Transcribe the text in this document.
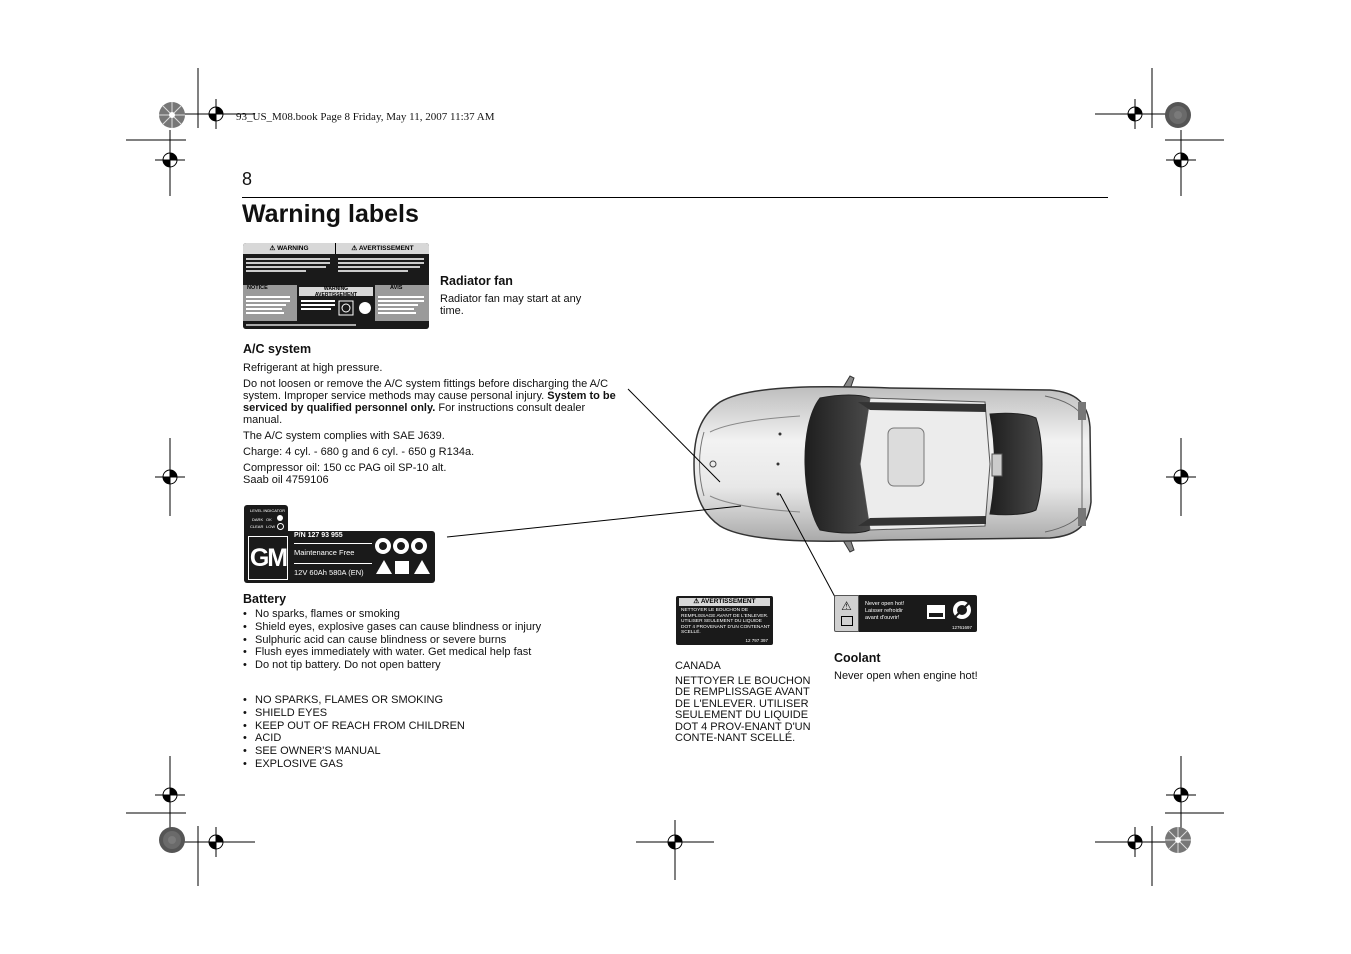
93_US_M08.book Page 8 Friday, May 11, 2007 11:37 AM
8
Warning labels
⚠ WARNING	⚠ AVERTISSEMENT
NOTICE	AVIS
WARNING
AVERTISSEMENT

Radiator fan

Radiator fan may start at any time.

A/C system

Refrigerant at high pressure.

Do not loosen or remove the A/C system fittings before discharging the A/C system. Improper service methods may cause personal injury. System to be serviced by qualified personnel only. For instructions consult dealer manual.

The A/C system complies with SAE J639.

Charge: 4 cyl. - 680 g and 6 cyl. - 650 g R134a.

Compressor oil: 150 cc PAG oil SP-10 alt.

Saab oil 4759106

LEVEL INDICATOR
DARK OK
CLEAR LOW
GM
P/N 127 93 955
Maintenance Free
12V 60Ah 580A (EN)

Battery

• No sparks, flames or smoking
• Shield eyes, explosive gases can cause blindness or injury
• Sulphuric acid can cause blindness or severe burns
• Flush eyes immediately with water. Get medical help fast
• Do not tip battery. Do not open battery
• NO SPARKS, FLAMES OR SMOKING
• SHIELD EYES
• KEEP OUT OF REACH FROM CHILDREN
• ACID
• SEE OWNER'S MANUAL
• EXPLOSIVE GAS
⚠ AVERTISSEMENT
NETTOYER LE BOUCHON DE
REMPLISSAGE AVANT DE L'ENLEVER.
UTILISER SEULEMENT DU LIQUIDE
DOT 4 PROVENANT D'UN CONTENANT
SCELLÉ.
12 797 397

CANADA

NETTOYER LE BOUCHON DE REMPLISSAGE AVANT DE L'ENLEVER. UTILISER SEULEMENT DU LIQUIDE DOT 4 PROV-ENANT D'UN CONTE-NANT SCELLÉ.

⚠	Never open hot!
Laisser refroidir
avant d'ouvrir!
12761697

Coolant

Never open when engine hot!
